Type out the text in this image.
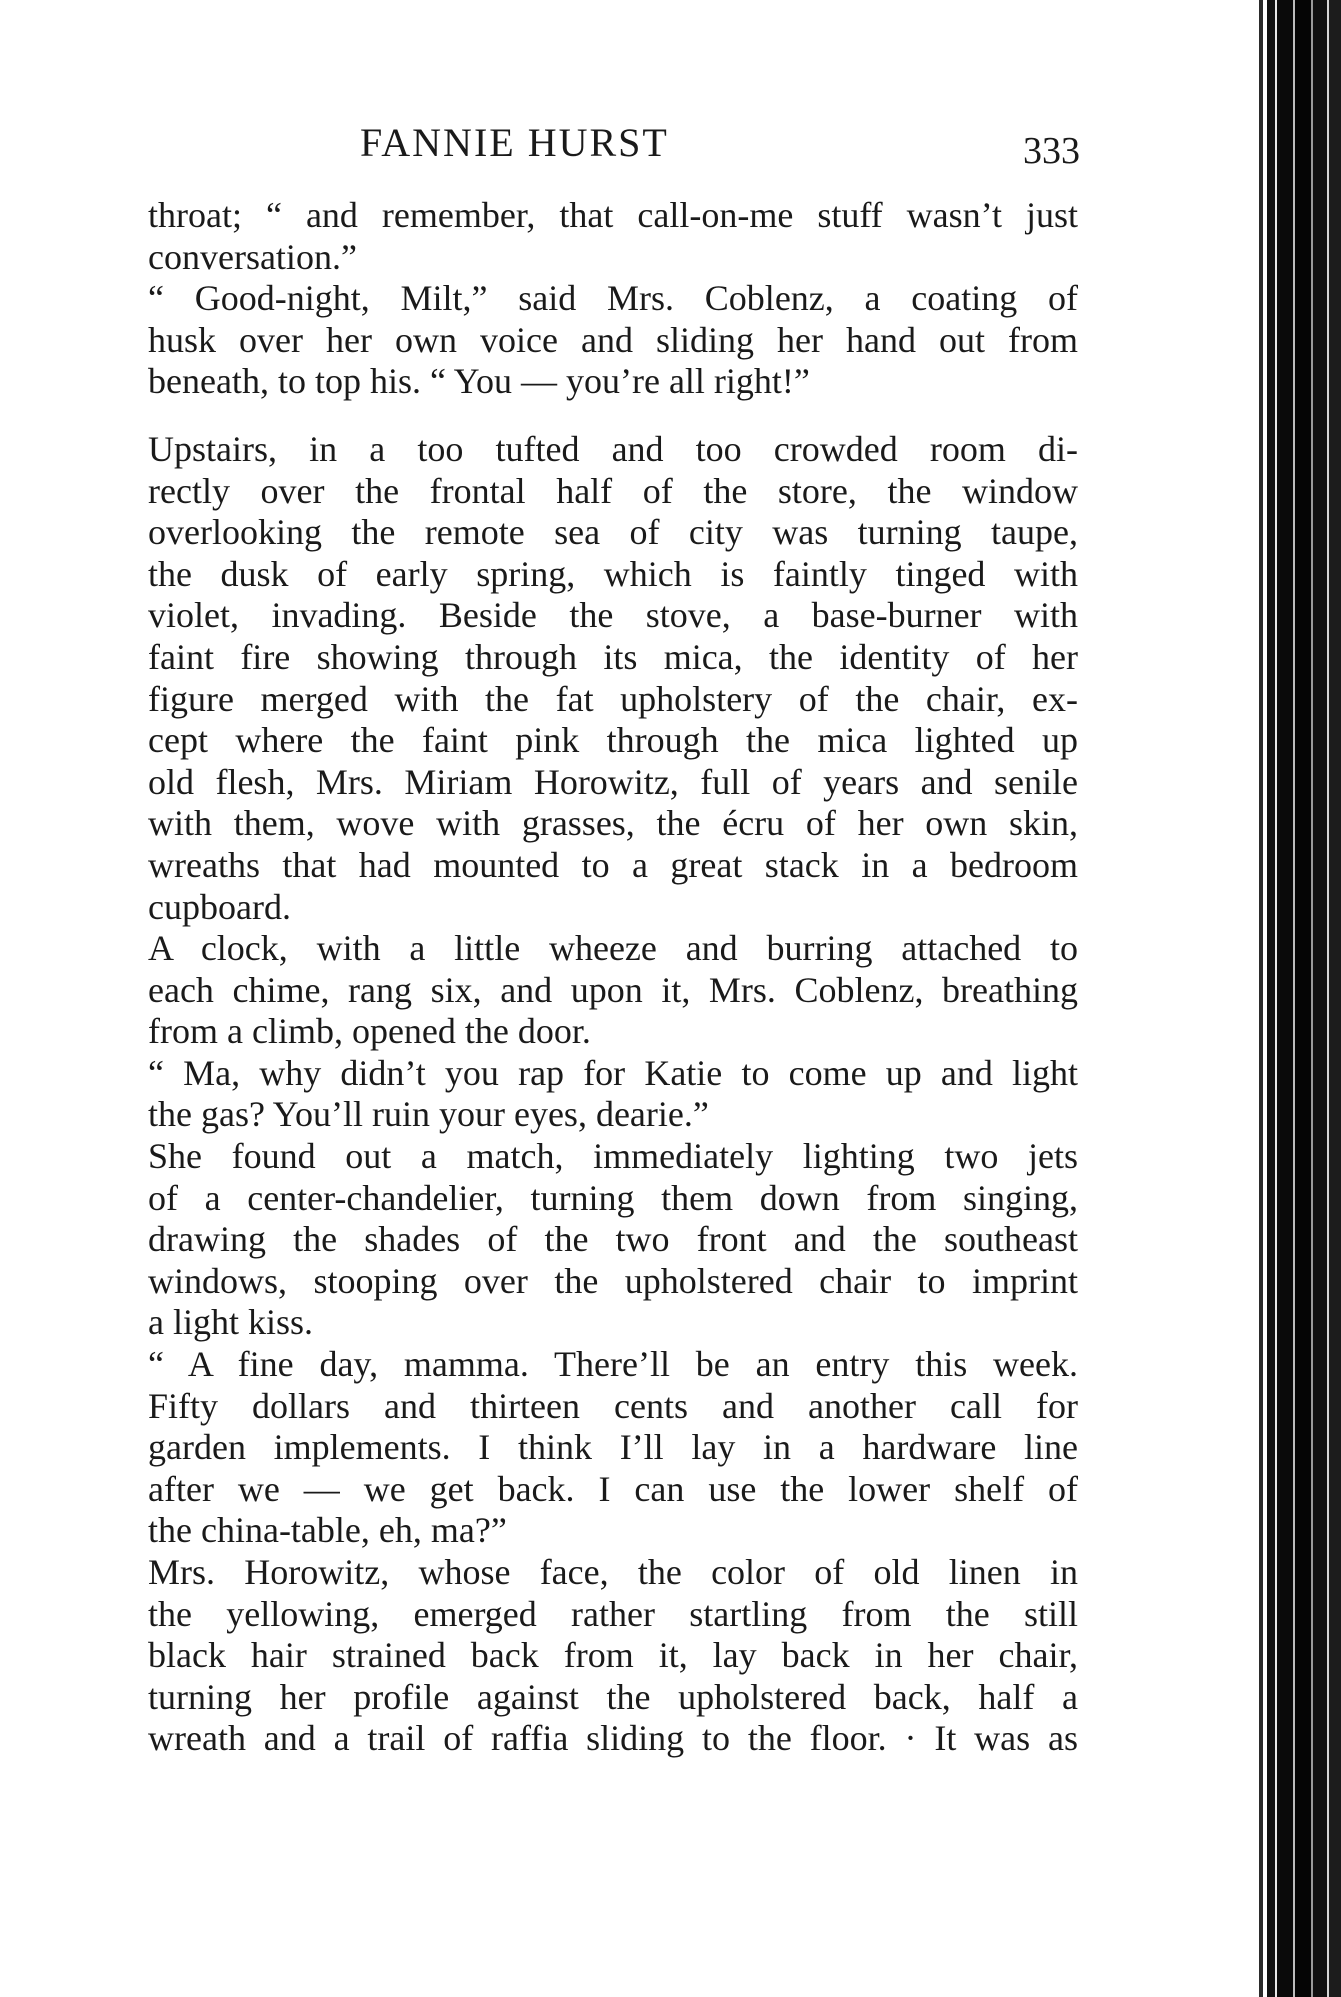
FANNIE HURST	333
throat; “ and remember, that call-on-me stuff wasn’t just
conversation.”
“ Good-night, Milt,” said Mrs. Coblenz, a coating of
husk over her own voice and sliding her hand out from
beneath, to top his. “ You — you’re all right!”
Upstairs, in a too tufted and too crowded room di-
rectly over the frontal half of the store, the window
overlooking the remote sea of city was turning taupe,
the dusk of early spring, which is faintly tinged with
violet, invading. Beside the stove, a base-burner with
faint fire showing through its mica, the identity of her
figure merged with the fat upholstery of the chair, ex-
cept where the faint pink through the mica lighted up
old flesh, Mrs. Miriam Horowitz, full of years and senile
with them, wove with grasses, the écru of her own skin,
wreaths that had mounted to a great stack in a bedroom
cupboard.
A clock, with a little wheeze and burring attached to
each chime, rang six, and upon it, Mrs. Coblenz, breathing
from a climb, opened the door.
“ Ma, why didn’t you rap for Katie to come up and light
the gas? You’ll ruin your eyes, dearie.”
She found out a match, immediately lighting two jets
of a center-chandelier, turning them down from singing,
drawing the shades of the two front and the southeast
windows, stooping over the upholstered chair to imprint
a light kiss.
“ A fine day, mamma. There’ll be an entry this week.
Fifty dollars and thirteen cents and another call for
garden implements. I think I’ll lay in a hardware line
after we — we get back. I can use the lower shelf of
the china-table, eh, ma?”
Mrs. Horowitz, whose face, the color of old linen in
the yellowing, emerged rather startling from the still
black hair strained back from it, lay back in her chair,
turning her profile against the upholstered back, half a
wreath and a trail of raffia sliding to the floor. · It was as
